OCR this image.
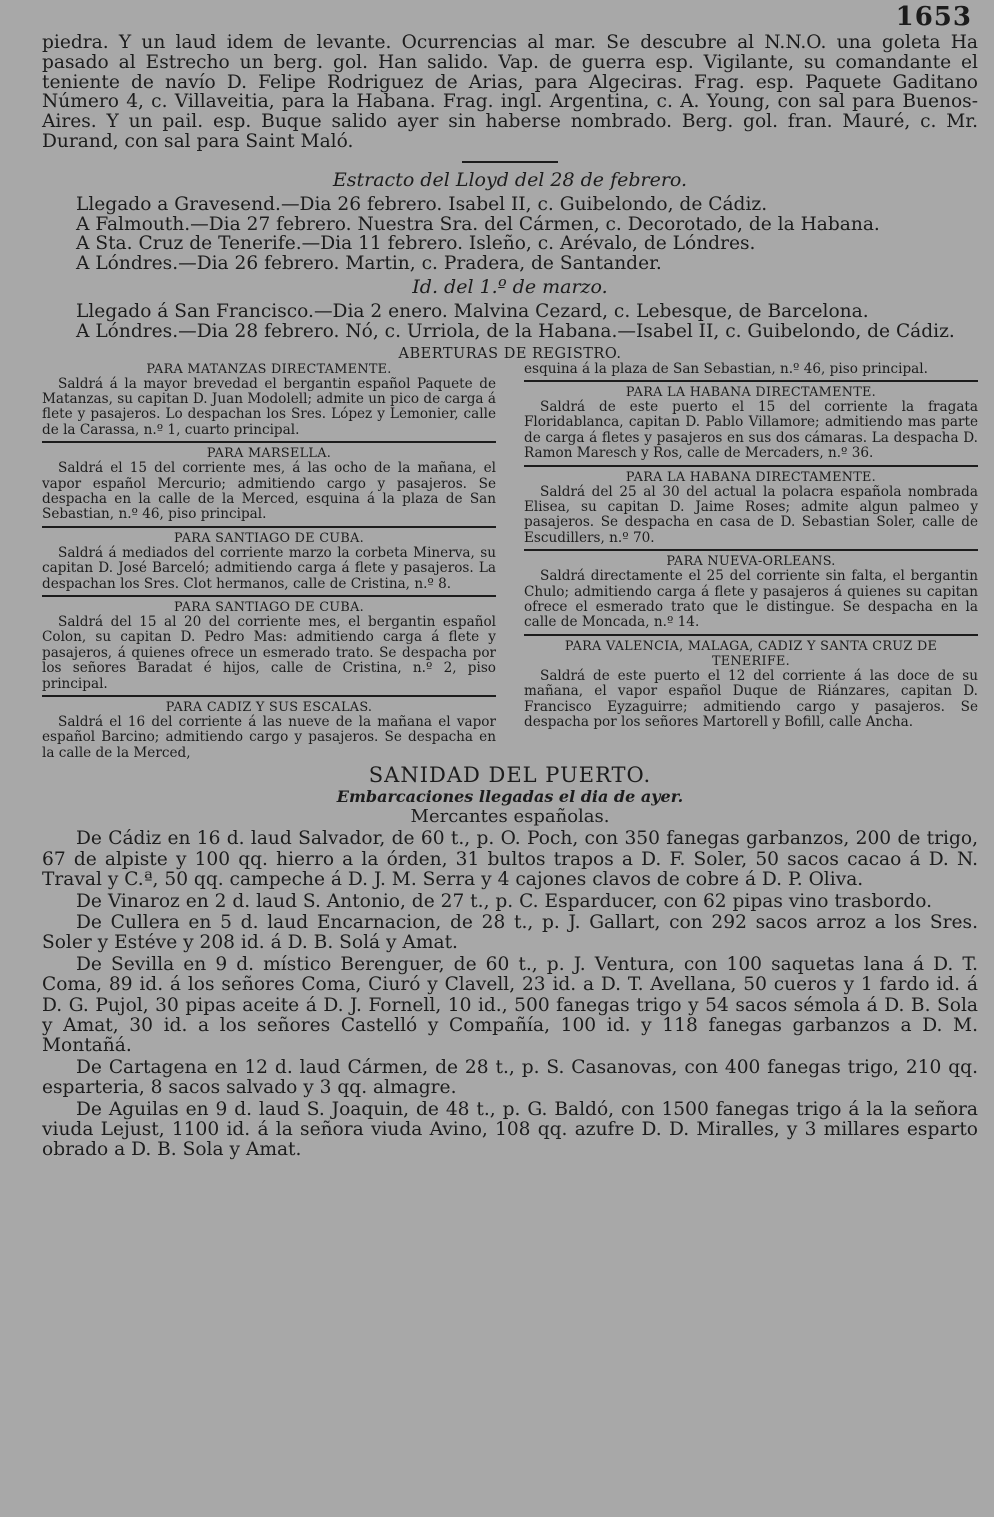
1653

piedra. Y un laud idem de levante. Ocurrencias al mar. Se descubre al N.N.O. una goleta Ha pasado al Estrecho un berg. gol. Han salido. Vap. de guerra esp. Vigilante, su comandante el teniente de navío D. Felipe Rodriguez de Arias, para Algeciras. Frag. esp. Paquete Gaditano Número 4, c. Villaveitia, para la Habana. Frag. ingl. Argentina, c. A. Young, con sal para Buenos-Aires. Y un pail. esp. Buque salido ayer sin haberse nombrado. Berg. gol. fran. Mauré, c. Mr. Durand, con sal para Saint Maló.

Estracto del Lloyd del 28 de febrero.

Llegado a Gravesend.—Dia 26 febrero. Isabel II, c. Guibelondo, de Cádiz.

A Falmouth.—Dia 27 febrero. Nuestra Sra. del Cármen, c. Decorotado, de la Habana.

A Sta. Cruz de Tenerife.—Dia 11 febrero. Isleño, c. Arévalo, de Lóndres.

A Lóndres.—Dia 26 febrero. Martin, c. Pradera, de Santander.

Id. del 1.º de marzo.

Llegado á San Francisco.—Dia 2 enero. Malvina Cezard, c. Lebesque, de Barcelona.

A Lóndres.—Dia 28 febrero. Nó, c. Urriola, de la Habana.—Isabel II, c. Guibelondo, de Cádiz.

ABERTURAS DE REGISTRO.
PARA MATANZAS DIRECTAMENTE.
Saldrá á la mayor brevedad el bergantin español Paquete de Matanzas, su capitan D. Juan Modolell; admite un pico de carga á flete y pasajeros. Lo despachan los Sres. López y Lemonier, calle de la Carassa, n.º 1, cuarto principal.
PARA MARSELLA.
Saldrá el 15 del corriente mes, á las ocho de la mañana, el vapor español Mercurio; admitiendo cargo y pasajeros. Se despacha en la calle de la Merced, esquina á la plaza de San Sebastian, n.º 46, piso principal.
PARA SANTIAGO DE CUBA.
Saldrá á mediados del corriente marzo la corbeta Minerva, su capitan D. José Barceló; admitiendo carga á flete y pasajeros. La despachan los Sres. Clot hermanos, calle de Cristina, n.º 8.
PARA SANTIAGO DE CUBA.
Saldrá del 15 al 20 del corriente mes, el bergantin español Colon, su capitan D. Pedro Mas: admitiendo carga á flete y pasajeros, á quienes ofrece un esmerado trato. Se despacha por los señores Baradat é hijos, calle de Cristina, n.º 2, piso principal.
PARA CADIZ Y SUS ESCALAS.
Saldrá el 16 del corriente á las nueve de la mañana el vapor español Barcino; admitiendo cargo y pasajeros. Se despacha en la calle de la Merced,
esquina á la plaza de San Sebastian, n.º 46, piso principal.
PARA LA HABANA DIRECTAMENTE.
Saldrá de este puerto el 15 del corriente la fragata Floridablanca, capitan D. Pablo Villamore; admitiendo mas parte de carga á fletes y pasajeros en sus dos cámaras. La despacha D. Ramon Maresch y Ros, calle de Mercaders, n.º 36.
PARA LA HABANA DIRECTAMENTE.
Saldrá del 25 al 30 del actual la polacra española nombrada Elisea, su capitan D. Jaime Roses; admite algun palmeo y pasajeros. Se despacha en casa de D. Sebastian Soler, calle de Escudillers, n.º 70.
PARA NUEVA-ORLEANS.
Saldrá directamente el 25 del corriente sin falta, el bergantin Chulo; admitiendo carga á flete y pasajeros á quienes su capitan ofrece el esmerado trato que le distingue. Se despacha en la calle de Moncada, n.º 14.
PARA VALENCIA, MALAGA, CADIZ Y SANTA CRUZ DE TENERIFE.
Saldrá de este puerto el 12 del corriente á las doce de su mañana, el vapor español Duque de Riánzares, capitan D. Francisco Eyzaguirre; admitiendo cargo y pasajeros. Se despacha por los señores Martorell y Bofill, calle Ancha.
SANIDAD DEL PUERTO.
Embarcaciones llegadas el dia de ayer.
Mercantes españolas.

De Cádiz en 16 d. laud Salvador, de 60 t., p. O. Poch, con 350 fanegas garbanzos, 200 de trigo, 67 de alpiste y 100 qq. hierro a la órden, 31 bultos trapos a D. F. Soler, 50 sacos cacao á D. N. Traval y C.ª, 50 qq. campeche á D. J. M. Serra y 4 cajones clavos de cobre á D. P. Oliva.

De Vinaroz en 2 d. laud S. Antonio, de 27 t., p. C. Esparducer, con 62 pipas vino trasbordo.

De Cullera en 5 d. laud Encarnacion, de 28 t., p. J. Gallart, con 292 sacos arroz a los Sres. Soler y Estéve y 208 id. á D. B. Solá y Amat.

De Sevilla en 9 d. místico Berenguer, de 60 t., p. J. Ventura, con 100 saquetas lana á D. T. Coma, 89 id. á los señores Coma, Ciuró y Clavell, 23 id. a D. T. Avellana, 50 cueros y 1 fardo id. á D. G. Pujol, 30 pipas aceite á D. J. Fornell, 10 id., 500 fanegas trigo y 54 sacos sémola á D. B. Sola y Amat, 30 id. a los señores Castelló y Compañía, 100 id. y 118 fanegas garbanzos a D. M. Montañá.

De Cartagena en 12 d. laud Cármen, de 28 t., p. S. Casanovas, con 400 fanegas trigo, 210 qq. esparteria, 8 sacos salvado y 3 qq. almagre.

De Aguilas en 9 d. laud S. Joaquin, de 48 t., p. G. Baldó, con 1500 fanegas trigo á la la señora viuda Lejust, 1100 id. á la señora viuda Avino, 108 qq. azufre D. D. Miralles, y 3 millares esparto obrado a D. B. Sola y Amat.
